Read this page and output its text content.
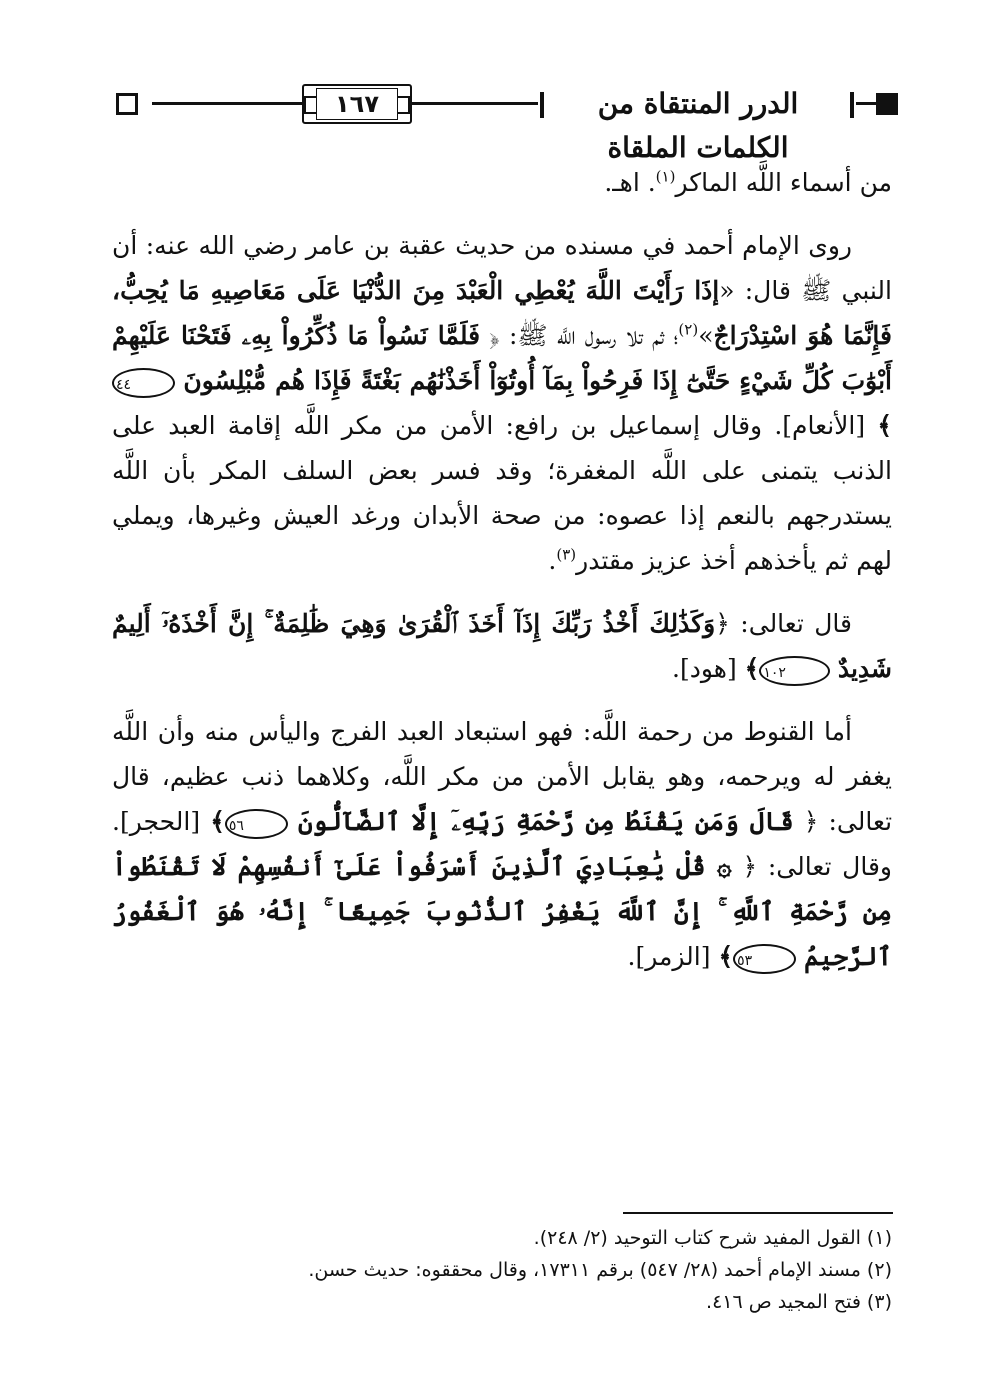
١٦٧	الدرر المنتقاة من الكلمات الملقاة

من أسماء اللَّه الماكر$^{(١)}$. اهـ.

روى الإمام أحمد في مسنده من حديث عقبة بن عامر رضي الله عنه: أن النبي ﷺ قال: «إذَا رَأَيْتَ اللَّهَ يُعْطِي الْعَبْدَ مِنَ الدُّنْيَا عَلَى مَعَاصِيهِ مَا يُحِبُّ، فَإِنَّمَا هُوَ اسْتِدْرَاجٌ»$^{(٢)}$؛ ثم تلا رسول اللَّه ﷺ: ﴿ فَلَمَّا نَسُواْ مَا ذُكِّرُواْ بِهِۦ فَتَحْنَا عَلَيْهِمْ أَبْوَٰبَ كُلِّ شَيْءٍ حَتَّىٰٓ إِذَا فَرِحُواْ بِمَآ أُوتُوٓاْ أَخَذْنَٰهُم بَغْتَةً فَإِذَا هُم مُّبْلِسُونَ ٤٤﴾ [الأنعام]. وقال إسماعيل بن رافع: الأمن من مكر اللَّه إقامة العبد على الذنب يتمنى على اللَّه المغفرة؛ وقد فسر بعض السلف المكر بأن اللَّه يستدرجهم بالنعم إذا عصوه: من صحة الأبدان ورغد العيش وغيرها، ويملي لهم ثم يأخذهم أخذ عزيز مقتدر$^{(٣)}$.

قال تعالى: ﴿وَكَذَٰلِكَ أَخْذُ رَبِّكَ إِذَآ أَخَذَ ٱلْقُرَىٰ وَهِيَ ظَٰلِمَةٌ ۚ إِنَّ أَخْذَهُۥٓ أَلِيمٌ شَدِيدٌ ١٠٢﴾ [هود].

أما القنوط من رحمة اللَّه: فهو استبعاد العبد الفرج واليأس منه وأن اللَّه يغفر له ويرحمه، وهو يقابل الأمن من مكر اللَّه، وكلاهما ذنب عظيم، قال تعالى: ﴿ قَالَ وَمَن يَقْنَطُ مِن رَّحْمَةِ رَبِّهِۦٓ إِلَّا ٱلضَّآلُّونَ ٥٦﴾ [الحجر]. وقال تعالى: ﴿ ۞ قُلْ يَٰعِبَادِيَ ٱلَّذِينَ أَسْرَفُواْ عَلَىٰٓ أَنفُسِهِمْ لَا تَقْنَطُواْ مِن رَّحْمَةِ ٱللَّهِ ۚ إِنَّ ٱللَّهَ يَغْفِرُ ٱلذُّنُوبَ جَمِيعًا ۚ إِنَّهُۥ هُوَ ٱلْغَفُورُ ٱلرَّحِيمُ ٥٣﴾ [الزمر].

(١) القول المفيد شرح كتاب التوحيد (٢/ ٢٤٨).
(٢) مسند الإمام أحمد (٢٨/ ٥٤٧) برقم ١٧٣١١، وقال محققوه: حديث حسن.
(٣) فتح المجيد ص ٤١٦.
